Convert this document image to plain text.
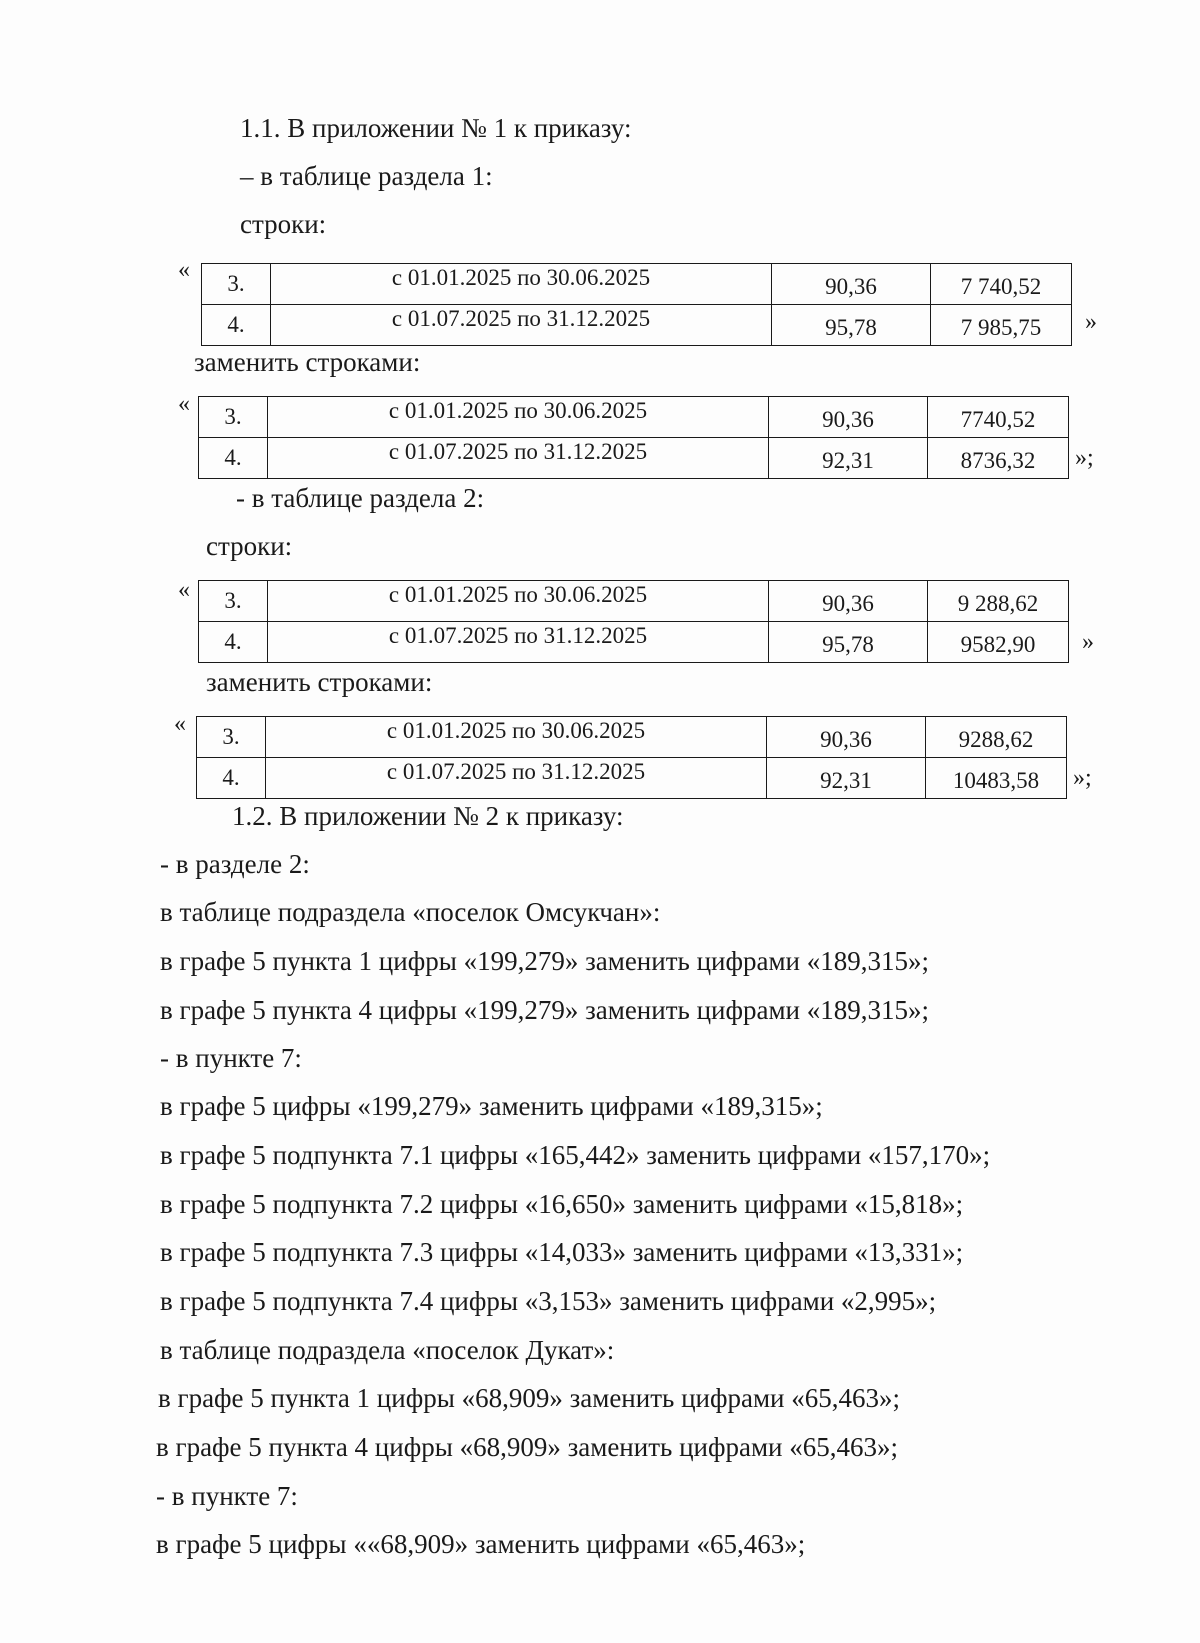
1.1. В приложении № 1 к приказу:
– в таблице раздела 1:
строки:
«
3.	с 01.01.2025 по 30.06.2025	90,36	7 740,52
4.	с 01.07.2025 по 31.12.2025	95,78	7 985,75 »
заменить строками:
« 3.	с 01.01.2025 по 30.06.2025	90,36	7740,52
4.	с 01.07.2025 по 31.12.2025	92,31	8736,32 »;
- в таблице раздела 2:
строки:
« 3.	с 01.01.2025 по 30.06.2025	90,36	9 288,62
4.	с 01.07.2025 по 31.12.2025	95,78	9582,90 »
заменить строками:
« 3.	с 01.01.2025 по 30.06.2025	90,36	9288,62
4.	с 01.07.2025 по 31.12.2025	92,31	10483,58 »;
1.2. В приложении № 2 к приказу:
- в разделе 2:
в таблице подраздела «поселок Омсукчан»:
в графе 5 пункта 1 цифры «199,279» заменить цифрами «189,315»;
в графе 5 пункта 4 цифры «199,279» заменить цифрами «189,315»;
- в пункте 7:
в графе 5 цифры «199,279» заменить цифрами «189,315»;
в графе 5 подпункта 7.1 цифры «165,442» заменить цифрами «157,170»;
в графе 5 подпункта 7.2 цифры «16,650» заменить цифрами «15,818»;
в графе 5 подпункта 7.3 цифры «14,033» заменить цифрами «13,331»;
в графе 5 подпункта 7.4 цифры «3,153» заменить цифрами «2,995»;
в таблице подраздела «поселок Дукат»:
в графе 5 пункта 1 цифры «68,909» заменить цифрами «65,463»;
в графе 5 пункта 4 цифры «68,909» заменить цифрами «65,463»;
- в пункте 7:
в графе 5 цифры ««68,909» заменить цифрами «65,463»;
